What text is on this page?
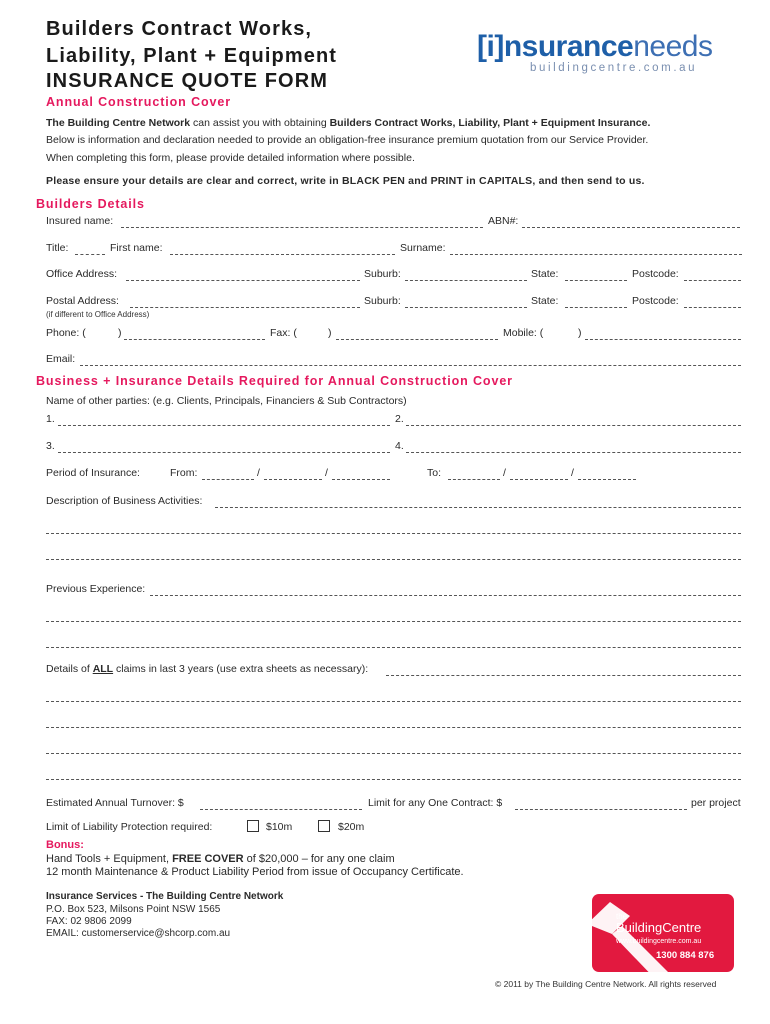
Builders Contract Works,
Liability, Plant + Equipment
INSURANCE QUOTE FORM
[i]nsuranceneeds
buildingcentre.com.au
Annual Construction Cover
The Building Centre Network can assist you with obtaining Builders Contract Works, Liability, Plant + Equipment Insurance.
Below is information and declaration needed to provide an obligation-free insurance premium quotation from our Service Provider.
When completing this form, please provide detailed information where possible.
Please ensure your details are clear and correct, write in BLACK PEN and PRINT in CAPITALS, and then send to us.
Builders Details
Insured name:	ABN#:
Title:	First name:	Surname:
Office Address:	Suburb:	State:	Postcode:
Postal Address:	Suburb:	State:	Postcode:
(if different to Office Address)
Phone: (	)	Fax: (	)	Mobile: (	)
Email:
Business + Insurance Details Required for Annual Construction Cover
Name of other parties: (e.g. Clients, Principals, Financiers & Sub Contractors)
1.	2.
3.	4.
Period of Insurance:	From:	/	/	To:	/	/
Description of Business Activities:
Previous Experience:
Details of ALL claims in last 3 years (use extra sheets as necessary):
Estimated Annual Turnover: $	Limit for any One Contract: $	per project
Limit of Liability Protection required:	$10m	$20m
Bonus:
Hand Tools + Equipment, FREE COVER of $20,000 – for any one claim
12 month Maintenance & Product Liability Period from issue of Occupancy Certificate.
Insurance Services - The Building Centre Network
P.O. Box 523, Milsons Point NSW 1565
FAX: 02 9806 2099
EMAIL: customerservice@shcorp.com.au
the
BuildingCentre
www.buildingcentre.com.au
1300 884 876
© 2011 by The Building Centre Network. All rights reserved
